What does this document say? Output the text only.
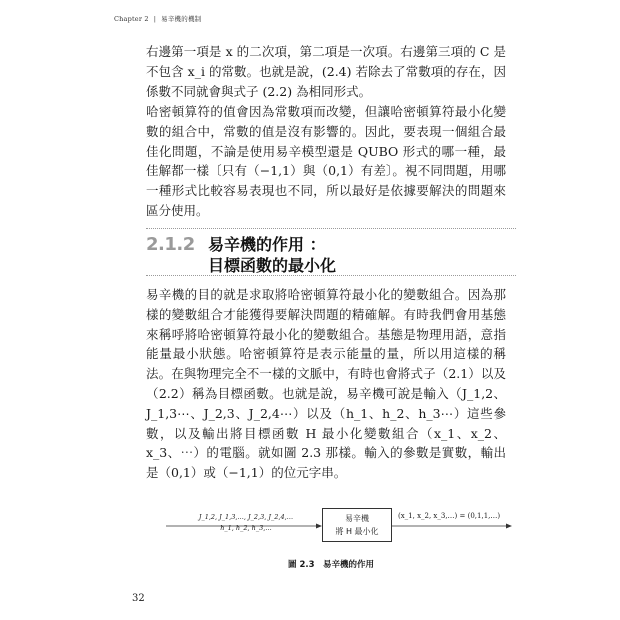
Chapter 2 | 易辛機的機制

右邊第一項是 x 的二次項，第二項是一次項。右邊第三項的 C 是不包含 x_i 的常數。也就是說，(2.4) 若除去了常數項的存在，因係數不同就會與式子 (2.2) 為相同形式。

哈密頓算符的值會因為常數項而改變，但讓哈密頓算符最小化變數的組合中，常數的值是沒有影響的。因此，要表現一個組合最佳化問題，不論是使用易辛模型還是 QUBO 形式的哪一種，最佳解都一樣〔只有（−1,1）與（0,1）有差〕。視不同問題，用哪一種形式比較容易表現也不同，所以最好是依據要解決的問題來區分使用。

2.1.2 易辛機的作用 ：
目標函數的最小化

易辛機的目的就是求取將哈密頓算符最小化的變數組合。因為那樣的變數組合才能獲得要解決問題的精確解。有時我們會用基態來稱呼將哈密頓算符最小化的變數組合。基態是物理用語，意指能量最小狀態。哈密頓算符是表示能量的量，所以用這樣的稱法。在與物理完全不一樣的文脈中，有時也會將式子（2.1）以及（2.2）稱為目標函數。也就是說，易辛機可說是輸入（J_1,2、J_1,3⋯、J_2,3、J_2,4⋯）以及（h_1、h_2、h_3⋯）這些參數，以及輸出將目標函數 H 最小化變數組合（x_1、x_2、x_3、⋯）的電腦。就如圖 2.3 那樣。輸入的參數是實數，輸出是（0,1）或（−1,1）的位元字串。

J_1,2, J_1,3,…, J_2,3, J_2,4,…
h_1, h_2, h_3,…
易辛機
將 H 最小化
(x_1, x_2, x_3,…) = (0,1,1,…)
圖 2.3　易辛機的作用
32
